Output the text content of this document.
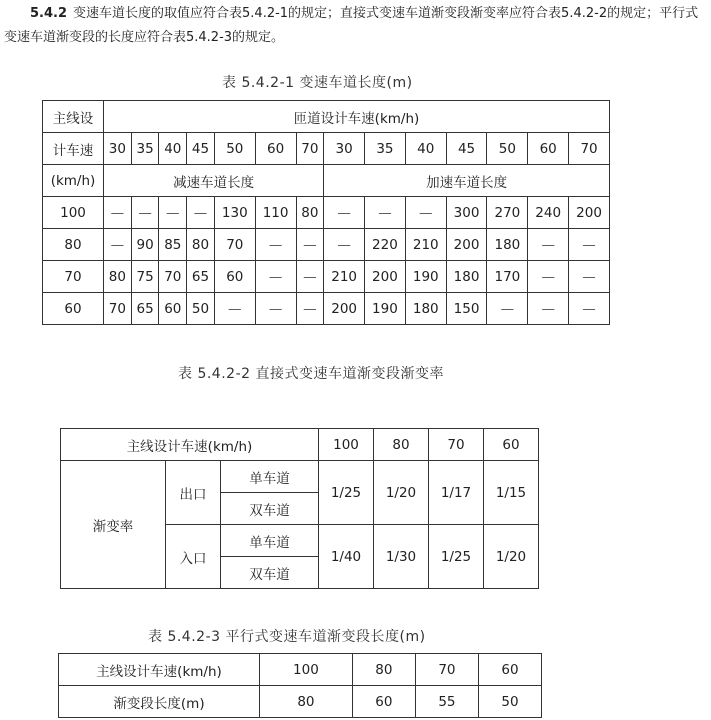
5.4.2 变速车道长度的取值应符合表5.4.2-1的规定；直接式变速车道渐变段渐变率应符合表5.4.2-2的规定；平行式变速车道渐变段的长度应符合表5.4.2-3的规定。
表 5.4.2-1 变速车道长度(m)
主线设	匝道设计车速(km/h)													
计车速	30	35	40	45	50	60	70	30	35	40	45	50	60	70
(km/h)	减速车道长度							加速车道长度						
100	—	—	—	—	130	110	80	—	—	—	300	270	240	200
80	—	90	85	80	70	—	—	—	220	210	200	180	—	—
70	80	75	70	65	60	—	—	210	200	190	180	170	—	—
60	70	65	60	50	—	—	—	200	190	180	150	—	—	—
表 5.4.2-2 直接式变速车道渐变段渐变率
主线设计车速(km/h)			100	80	70	60
渐变率	出口	单车道	1/25	1/20	1/17	1/15
		双车道				
	入口	单车道	1/40	1/30	1/25	1/20
		双车道				
表 5.4.2-3 平行式变速车道渐变段长度(m)
主线设计车速(km/h)	100	80	70	60
渐变段长度(m)	80	60	55	50
